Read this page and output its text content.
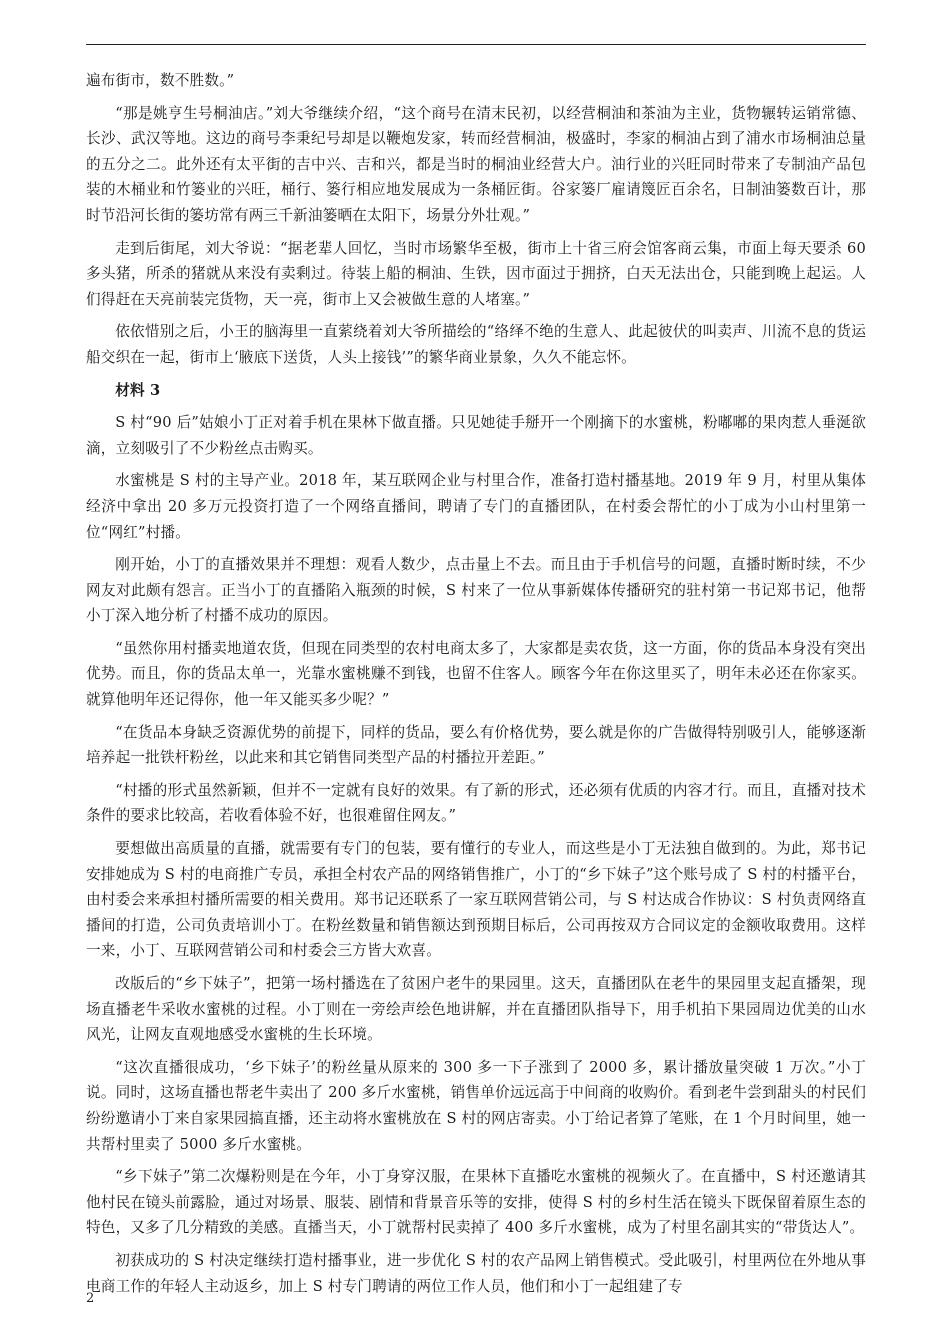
遍布街市，数不胜数。”

“那是姚亨生号桐油店。”刘大爷继续介绍，“这个商号在清末民初，以经营桐油和茶油为主业，货物辗转运销常德、长沙、武汉等地。这边的商号李秉纪号却是以鞭炮发家，转而经营桐油，极盛时，李家的桐油占到了浦水市场桐油总量的五分之二。此外还有太平街的吉中兴、吉和兴，都是当时的桐油业经营大户。油行业的兴旺同时带来了专制油产品包装的木桶业和竹篓业的兴旺，桶行、篓行相应地发展成为一条桶匠街。谷家篓厂雇请篾匠百余名，日制油篓数百计，那时节沿河长街的篓坊常有两三千新油篓晒在太阳下，场景分外壮观。”

走到后街尾，刘大爷说：“据老辈人回忆，当时市场繁华至极，街市上十省三府会馆客商云集，市面上每天要杀 60 多头猪，所杀的猪就从来没有卖剩过。待装上船的桐油、生铁，因市面过于拥挤，白天无法出仓，只能到晚上起运。人们得赶在天亮前装完货物，天一亮，街市上又会被做生意的人堵塞。”

依依惜别之后，小王的脑海里一直萦绕着刘大爷所描绘的“络绎不绝的生意人、此起彼伏的叫卖声、川流不息的货运船交织在一起，街市上‘腋底下送货，人头上接钱’”的繁华商业景象，久久不能忘怀。

材料 3

S 村“90 后”姑娘小丁正对着手机在果林下做直播。只见她徒手掰开一个刚摘下的水蜜桃，粉嘟嘟的果肉惹人垂涎欲滴，立刻吸引了不少粉丝点击购买。

水蜜桃是 S 村的主导产业。2018 年，某互联网企业与村里合作，准备打造村播基地。2019 年 9 月，村里从集体经济中拿出 20 多万元投资打造了一个网络直播间，聘请了专门的直播团队，在村委会帮忙的小丁成为小山村里第一位“网红”村播。

刚开始，小丁的直播效果并不理想：观看人数少，点击量上不去。而且由于手机信号的问题，直播时断时续，不少网友对此颇有怨言。正当小丁的直播陷入瓶颈的时候，S 村来了一位从事新媒体传播研究的驻村第一书记郑书记，他帮小丁深入地分析了村播不成功的原因。

“虽然你用村播卖地道农货，但现在同类型的农村电商太多了，大家都是卖农货，这一方面，你的货品本身没有突出优势。而且，你的货品太单一，光靠水蜜桃赚不到钱，也留不住客人。顾客今年在你这里买了，明年未必还在你家买。就算他明年还记得你，他一年又能买多少呢？”

“在货品本身缺乏资源优势的前提下，同样的货品，要么有价格优势，要么就是你的广告做得特别吸引人，能够逐渐培养起一批铁杆粉丝，以此来和其它销售同类型产品的村播拉开差距。”

“村播的形式虽然新颖，但并不一定就有良好的效果。有了新的形式，还必须有优质的内容才行。而且，直播对技术条件的要求比较高，若收看体验不好，也很难留住网友。”

要想做出高质量的直播，就需要有专门的包装，要有懂行的专业人，而这些是小丁无法独自做到的。为此，郑书记安排她成为 S 村的电商推广专员，承担全村农产品的网络销售推广，小丁的“乡下妹子”这个账号成了 S 村的村播平台，由村委会来承担村播所需要的相关费用。郑书记还联系了一家互联网营销公司，与 S 村达成合作协议：S 村负责网络直播间的打造，公司负责培训小丁。在粉丝数量和销售额达到预期目标后，公司再按双方合同议定的金额收取费用。这样一来，小丁、互联网营销公司和村委会三方皆大欢喜。

改版后的“乡下妹子”，把第一场村播选在了贫困户老牛的果园里。这天，直播团队在老牛的果园里支起直播架，现场直播老牛采收水蜜桃的过程。小丁则在一旁绘声绘色地讲解，并在直播团队指导下，用手机拍下果园周边优美的山水风光，让网友直观地感受水蜜桃的生长环境。

“这次直播很成功，‘乡下妹子’的粉丝量从原来的 300 多一下子涨到了 2000 多，累计播放量突破 1 万次。”小丁说。同时，这场直播也帮老牛卖出了 200 多斤水蜜桃，销售单价远远高于中间商的收购价。看到老牛尝到甜头的村民们纷纷邀请小丁来自家果园搞直播，还主动将水蜜桃放在 S 村的网店寄卖。小丁给记者算了笔账，在 1 个月时间里，她一共帮村里卖了 5000 多斤水蜜桃。

“乡下妹子”第二次爆粉则是在今年，小丁身穿汉服，在果林下直播吃水蜜桃的视频火了。在直播中，S 村还邀请其他村民在镜头前露脸，通过对场景、服装、剧情和背景音乐等的安排，使得 S 村的乡村生活在镜头下既保留着原生态的特色，又多了几分精致的美感。直播当天，小丁就帮村民卖掉了 400 多斤水蜜桃，成为了村里名副其实的“带货达人”。

初获成功的 S 村决定继续打造村播事业，进一步优化 S 村的农产品网上销售模式。受此吸引，村里两位在外地从事电商工作的年轻人主动返乡，加上 S 村专门聘请的两位工作人员，他们和小丁一起组建了专

2
